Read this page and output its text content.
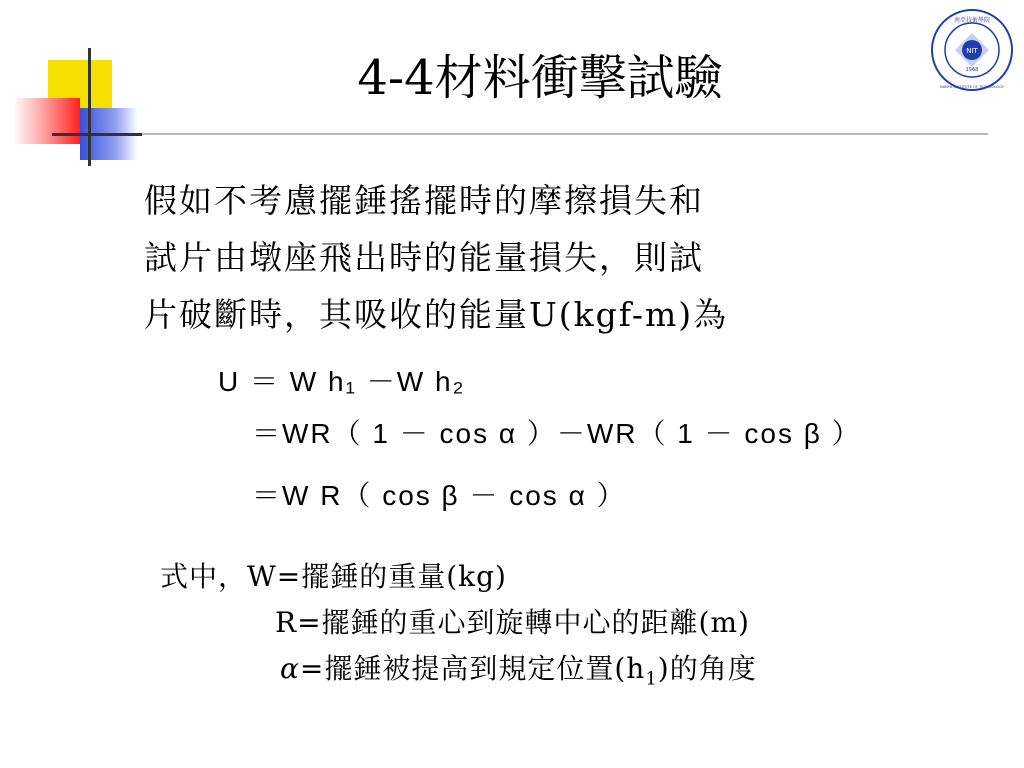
4-4材料衝擊試驗	NIT
1968
南亞技術學院
NANYA INSTITUTE OF TECHNOLOGY
假如不考慮擺錘搖擺時的摩擦損失和
試片由墩座飛出時的能量損失，則試
片破斷時，其吸收的能量U(kgf-m)為
U ＝ W h₁ －W h₂
＝WR（ 1 － cos α ）－WR（ 1 － cos β ）
＝W R（ cos β － cos α ）
式中，W=擺錘的重量(kg)
R=擺錘的重心到旋轉中心的距離(m)
α=擺錘被提高到規定位置$(h_1)$的角度
